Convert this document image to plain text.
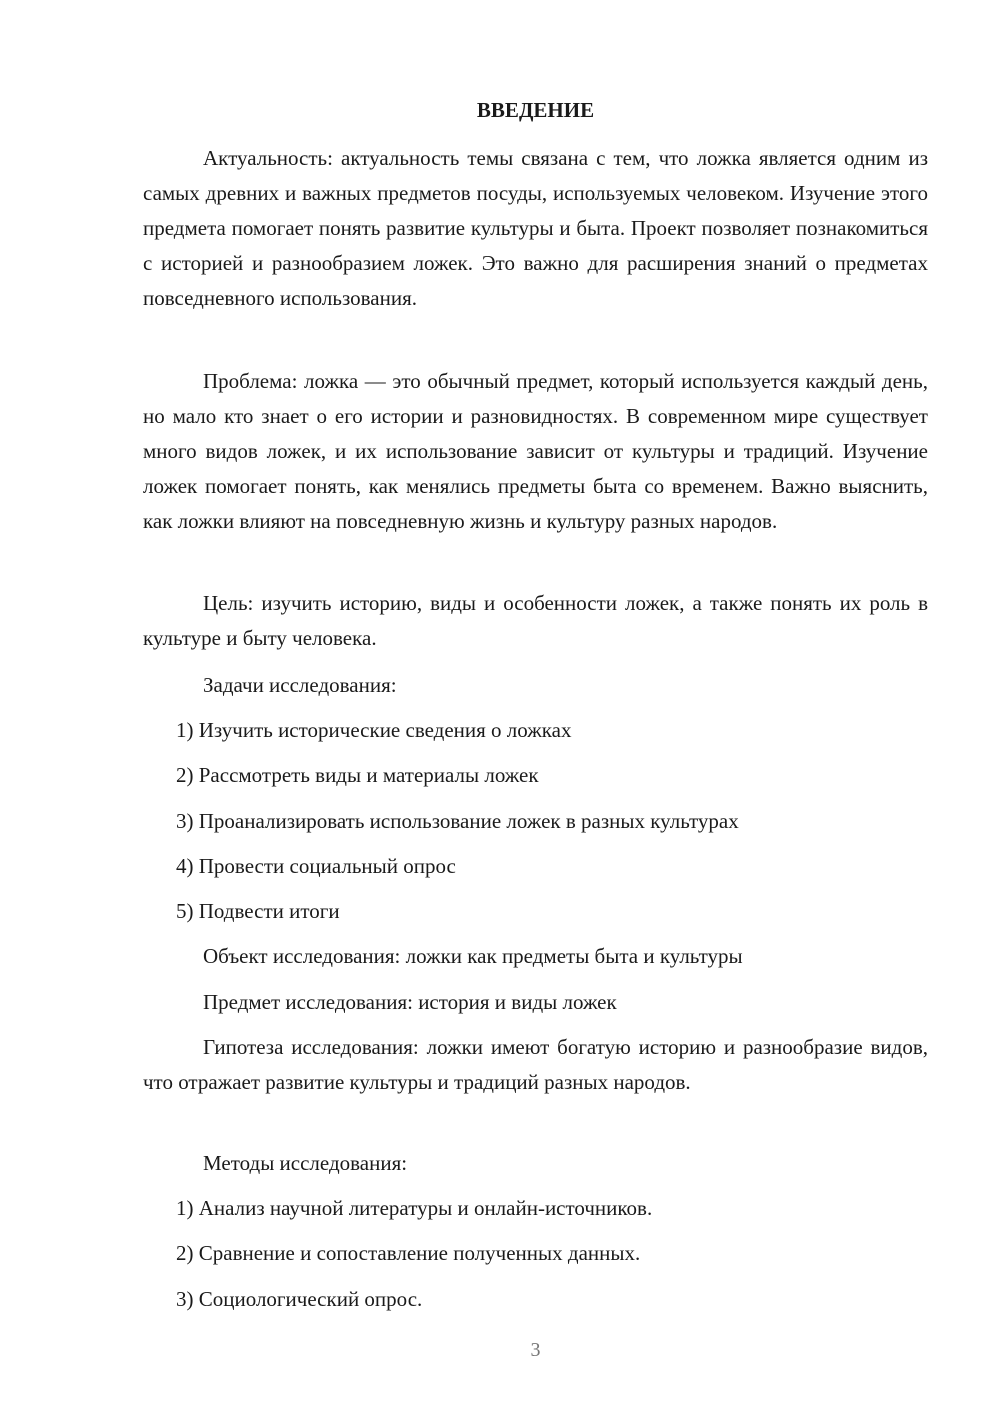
ВВЕДЕНИЕ

Актуальность: актуальность темы связана с тем, что ложка является одним из самых древних и важных предметов посуды, используемых человеком. Изучение этого предмета помогает понять развитие культуры и быта. Проект позволяет познакомиться с историей и разнообразием ложек. Это важно для расширения знаний о предметах повседневного использования.

Проблема: ложка — это обычный предмет, который используется каждый день, но мало кто знает о его истории и разновидностях. В современном мире существует много видов ложек, и их использование зависит от культуры и традиций. Изучение ложек помогает понять, как менялись предметы быта со временем. Важно выяснить, как ложки влияют на повседневную жизнь и культуру разных народов.

Цель: изучить историю, виды и особенности ложек, а также понять их роль в культуре и быту человека.

Задачи исследования:
1) Изучить исторические сведения о ложках
2) Рассмотреть виды и материалы ложек
3) Проанализировать использование ложек в разных культурах
4) Провести социальный опрос
5) Подвести итоги
Объект исследования: ложки как предметы быта и культуры
Предмет исследования: история и виды ложек

Гипотеза исследования: ложки имеют богатую историю и разнообразие видов, что отражает развитие культуры и традиций разных народов.

Методы исследования:
1) Анализ научной литературы и онлайн-источников.
2) Сравнение и сопоставление полученных данных.
3) Социологический опрос.
3
